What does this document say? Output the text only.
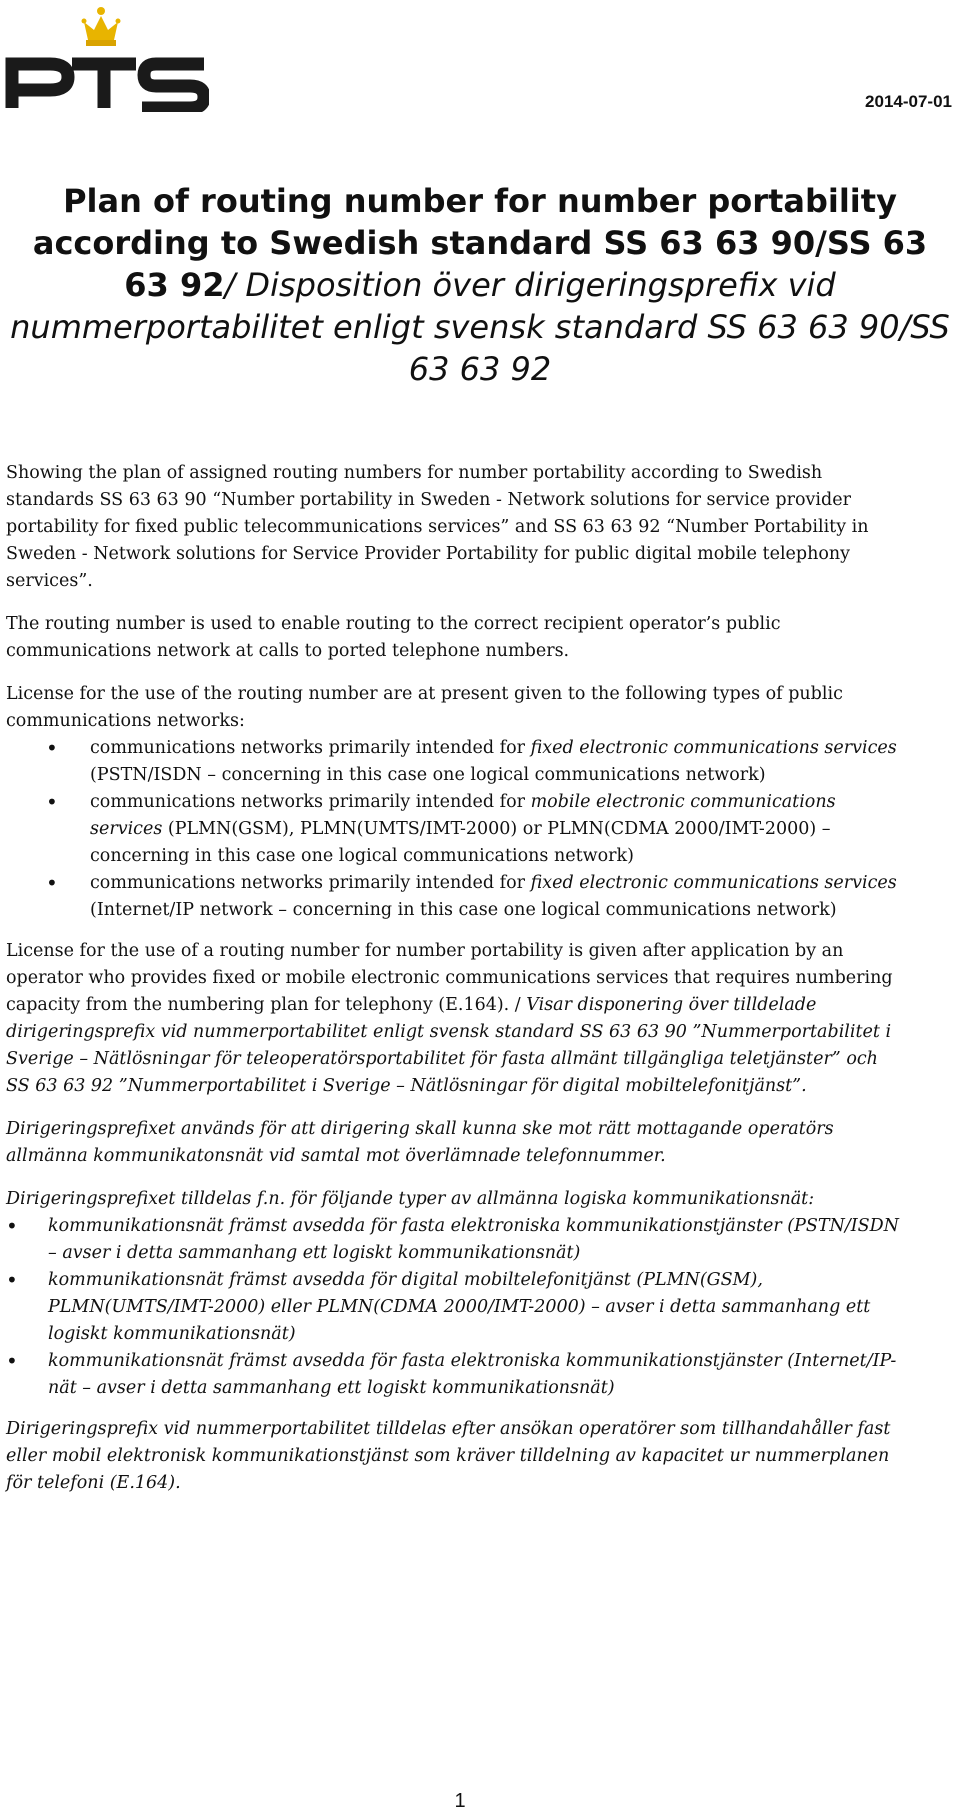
2014-07-01
Plan of routing number for number portability according to Swedish standard SS 63 63 90/SS 63 63 92/ Disposition över dirigeringsprefix vid nummerportabilitet enligt svensk standard SS 63 63 90/SS 63 63 92

Showing the plan of assigned routing numbers for number portability according to Swedish standards SS 63 63 90 “Number portability in Sweden - Network solutions for service provider portability for fixed public telecommunications services” and SS 63 63 92 “Number Portability in Sweden - Network solutions for Service Provider Portability for public digital mobile telephony services”.

The routing number is used to enable routing to the correct recipient operator’s public communications network at calls to ported telephone numbers.

License for the use of the routing number are at present given to the following types of public communications networks:

• communications networks primarily intended for fixed electronic communications services (PSTN/ISDN – concerning in this case one logical communications network)
• communications networks primarily intended for mobile electronic communications services (PLMN(GSM), PLMN(UMTS/IMT-2000) or PLMN(CDMA 2000/IMT-2000) – concerning in this case one logical communications network)
• communications networks primarily intended for fixed electronic communications services (Internet/IP network – concerning in this case one logical communications network)

License for the use of a routing number for number portability is given after application by an operator who provides fixed or mobile electronic communications services that requires numbering capacity from the numbering plan for telephony (E.164). / Visar disponering över tilldelade dirigeringsprefix vid nummerportabilitet enligt svensk standard SS 63 63 90 ”Nummerportabilitet i Sverige – Nätlösningar för teleoperatörsportabilitet för fasta allmänt tillgängliga teletjänster” och SS 63 63 92 ”Nummerportabilitet i Sverige – Nätlösningar för digital mobiltelefonitjänst”.

Dirigeringsprefixet används för att dirigering skall kunna ske mot rätt mottagande operatörs allmänna kommunikatonsnät vid samtal mot överlämnade telefonnummer.

Dirigeringsprefixet tilldelas f.n. för följande typer av allmänna logiska kommunikationsnät:

• kommunikationsnät främst avsedda för fasta elektroniska kommunikationstjänster (PSTN/ISDN – avser i detta sammanhang ett logiskt kommunikationsnät)
• kommunikationsnät främst avsedda för digital mobiltelefonitjänst (PLMN(GSM), PLMN(UMTS/IMT-2000) eller PLMN(CDMA 2000/IMT-2000) – avser i detta sammanhang ett logiskt kommunikationsnät)
• kommunikationsnät främst avsedda för fasta elektroniska kommunikationstjänster (Internet/IP-nät – avser i detta sammanhang ett logiskt kommunikationsnät)

Dirigeringsprefix vid nummerportabilitet tilldelas efter ansökan operatörer som tillhandahåller fast eller mobil elektronisk kommunikationstjänst som kräver tilldelning av kapacitet ur nummerplanen för telefoni (E.164).

1
